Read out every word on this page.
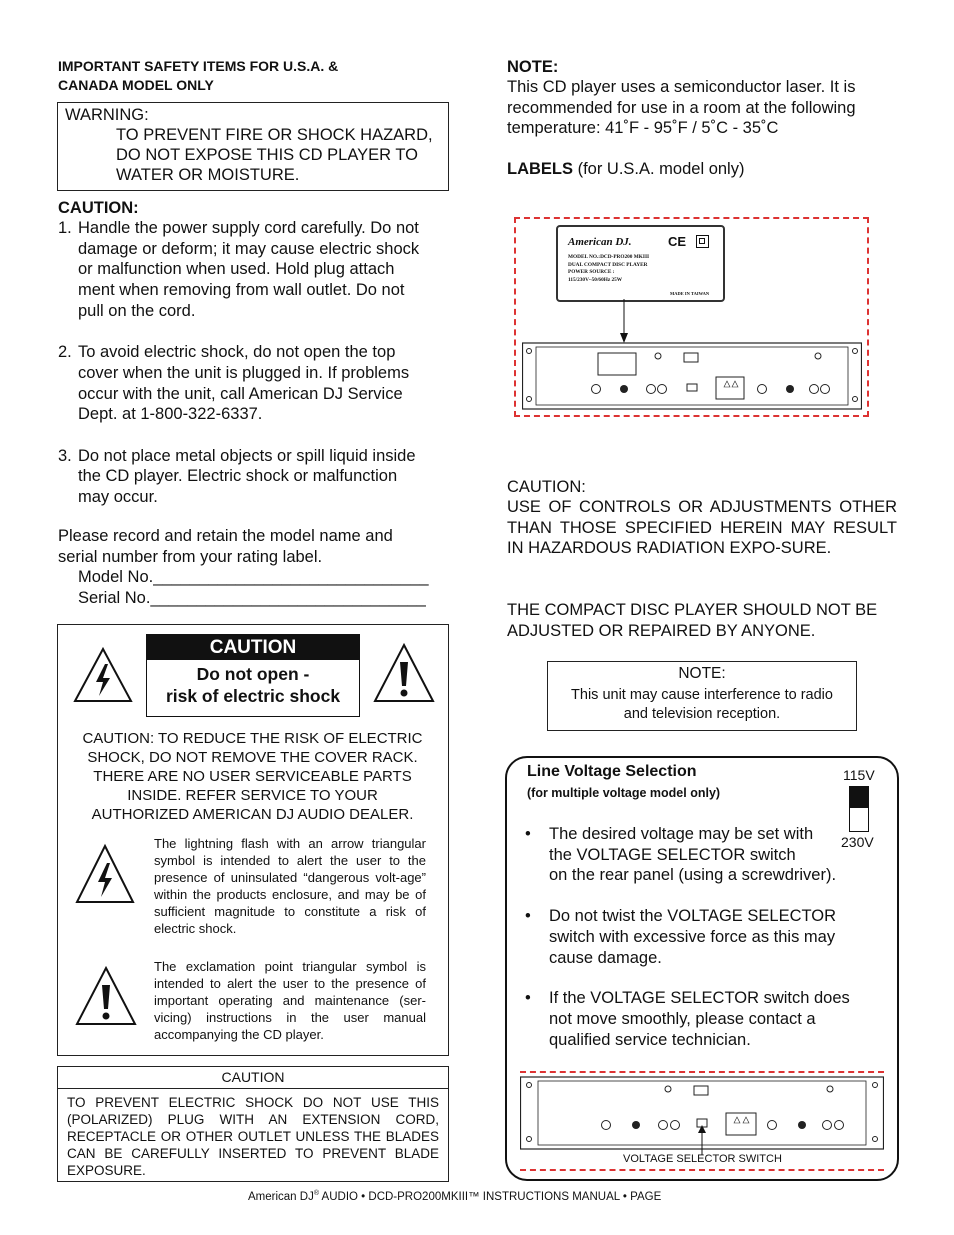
IMPORTANT SAFETY ITEMS FOR U.S.A. &
CANADA MODEL ONLY
WARNING:
TO PREVENT FIRE OR SHOCK HAZARD,
DO NOT EXPOSE THIS CD PLAYER TO
WATER OR MOISTURE.
CAUTION:
1. Handle the power supply cord carefully. Do not
damage or deform; it may cause electric shock
or malfunction when used. Hold plug attach
ment when removing from wall outlet. Do not
pull on the cord.
2. To avoid electric shock, do not open the top
cover when the unit is plugged in. If problems
occur with the unit, call American DJ Service
Dept. at 1-800-322-6337.
3. Do not place metal objects or spill liquid inside
the CD player. Electric shock or malfunction
may occur.
Please record and retain the model name and
serial number from your rating label.
Model No.______________________________
Serial No.______________________________
CAUTION
Do not open -
risk of electric shock
CAUTION: TO REDUCE THE RISK OF ELECTRIC
SHOCK, DO NOT REMOVE THE COVER RACK.
THERE ARE NO USER SERVICEABLE PARTS
INSIDE. REFER SERVICE TO YOUR
AUTHORIZED AMERICAN DJ AUDIO DEALER.
The lightning flash with an arrow triangular symbol is intended to alert the user to the presence of uninsulated “dangerous volt-age” within the products enclosure, and may be of sufficient magnitude to constitute a risk of electric shock.
The exclamation point triangular symbol is intended to alert the user to the presence of important operating and maintenance (ser-vicing) instructions in the user manual accompanying the CD player.
CAUTION
TO PREVENT ELECTRIC SHOCK DO NOT USE THIS (POLARIZED) PLUG WITH AN EXTENSION CORD, RECEPTACLE OR OTHER OUTLET UNLESS THE BLADES CAN BE CAREFULLY INSERTED TO PREVENT BLADE EXPOSURE.
NOTE:
This CD player uses a semiconductor laser. It is
recommended for use in a room at the following
temperature: 41˚F - 95˚F / 5˚C - 35˚C
LABELS (for U.S.A. model only)
American DJ.	CE
MODEL NO.:DCD-PRO200 MKIII
DUAL COMPACT DISC PLAYER
POWER SOURCE :
115/230V~50/60Hz 25W
MADE IN TAIWAN
CAUTION:
USE OF CONTROLS OR ADJUSTMENTS OTHER THAN THOSE SPECIFIED HEREIN MAY RESULT IN HAZARDOUS RADIATION EXPO-SURE.
THE COMPACT DISC PLAYER SHOULD NOT BE ADJUSTED OR REPAIRED BY ANYONE.
NOTE:
This unit may cause interference to radio
and television reception.
Line Voltage Selection
(for multiple voltage model only)
115V
230V
•	The desired voltage may be set with
the VOLTAGE SELECTOR switch
on the rear panel (using a screwdriver).
•	Do not twist the VOLTAGE SELECTOR
switch with excessive force as this may
cause damage.
•	If the VOLTAGE SELECTOR switch does
not move smoothly, please contact a
qualified service technician.
VOLTAGE SELECTOR SWITCH
American DJ® AUDIO • DCD-PRO200MKIII™ INSTRUCTIONS MANUAL • PAGE
